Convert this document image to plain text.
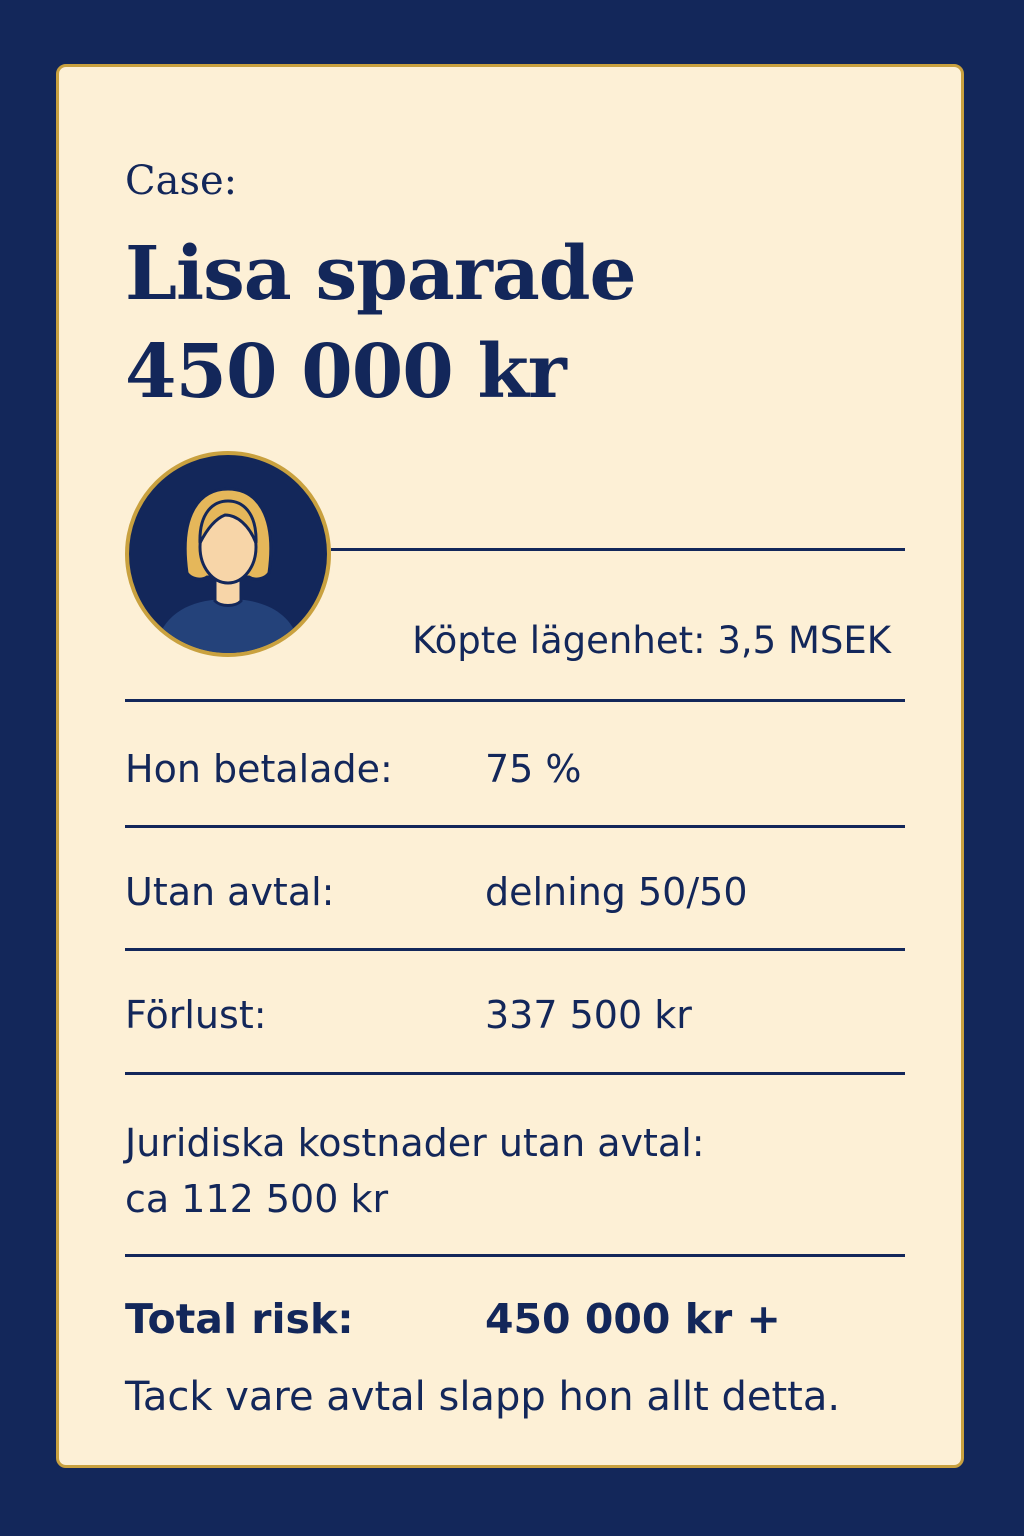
Case:
Lisa sparade
450 000 kr
Köpte lägenhet: 3,5 MSEK
Hon betalade: 75 %
Utan avtal:	delning 50/50
Förlust:	337 500 kr
Juridiska kostnader utan avtal:
ca 112 500 kr
Total risk:	450 000 kr +
Tack vare avtal slapp hon allt detta.
